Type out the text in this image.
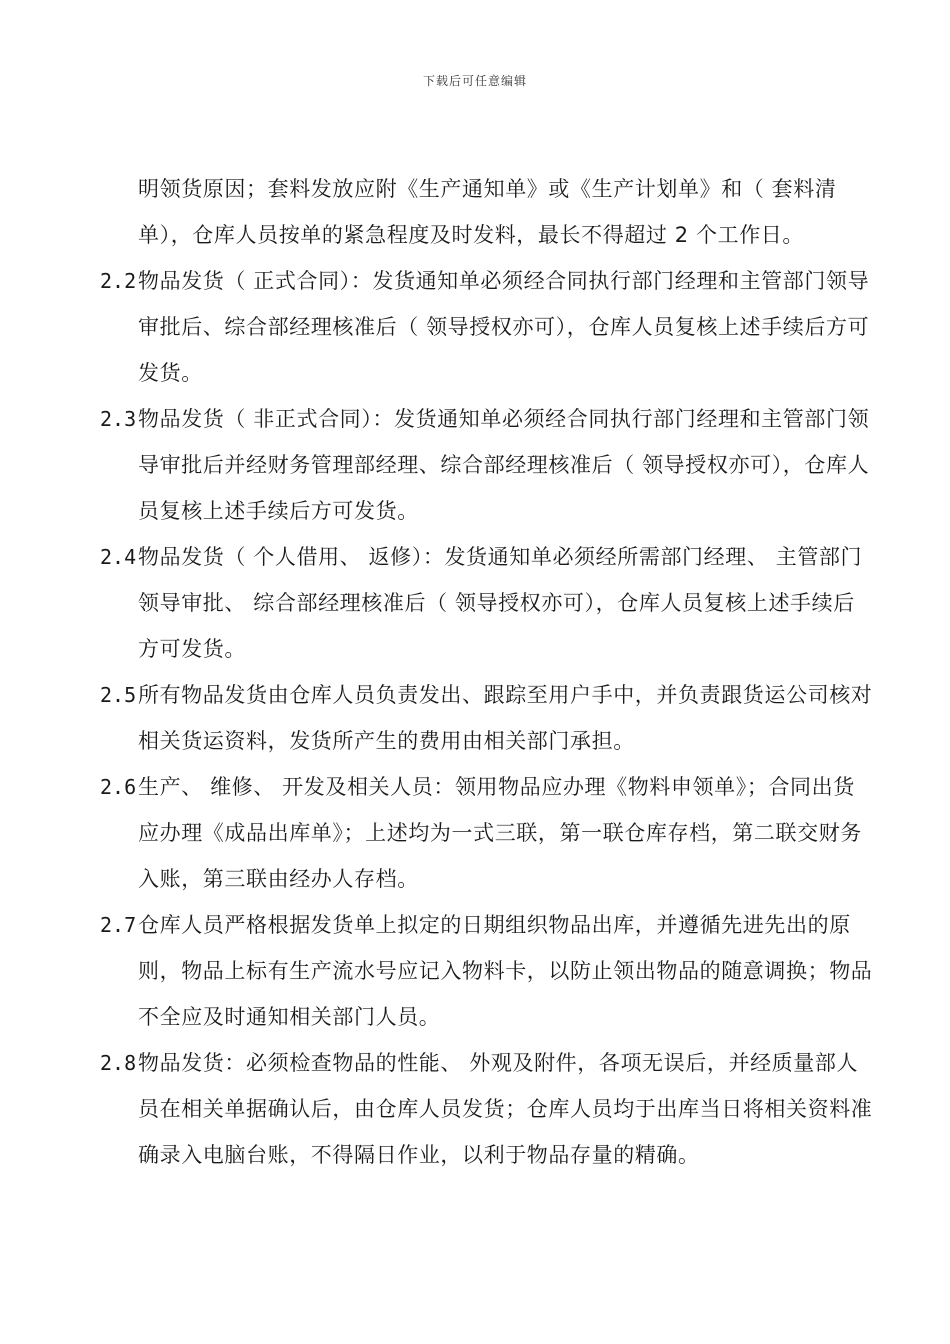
下载后可任意编辑

明领货原因；套料发放应附《生产通知单》或《生产计划单》和（ 套料清单），仓库人员按单的紧急程度及时发料，最长不得超过 2 个工作日。

2.2 物品发货（ 正式合同）：发货通知单必须经合同执行部门经理和主管部门领导审批后、综合部经理核准后（ 领导授权亦可），仓库人员复核上述手续后方可发货。

2.3 物品发货（ 非正式合同）：发货通知单必须经合同执行部门经理和主管部门领导审批后并经财务管理部经理、综合部经理核准后（ 领导授权亦可），仓库人员复核上述手续后方可发货。

2.4 物品发货（ 个人借用、 返修）：发货通知单必须经所需部门经理、 主管部门领导审批、 综合部经理核准后（ 领导授权亦可），仓库人员复核上述手续后方可发货。

2.5 所有物品发货由仓库人员负责发出、跟踪至用户手中，并负责跟货运公司核对相关货运资料，发货所产生的费用由相关部门承担。

2.6 生产、 维修、 开发及相关人员：领用物品应办理《物料申领单》；合同出货应办理《成品出库单》；上述均为一式三联，第一联仓库存档，第二联交财务入账，第三联由经办人存档。

2.7 仓库人员严格根据发货单上拟定的日期组织物品出库，并遵循先进先出的原则，物品上标有生产流水号应记入物料卡，以防止领出物品的随意调换；物品不全应及时通知相关部门人员。

2.8 物品发货：必须检查物品的性能、 外观及附件，各项无误后，并经质量部人员在相关单据确认后，由仓库人员发货；仓库人员均于出库当日将相关资料准确录入电脑台账，不得隔日作业，以利于物品存量的精确。
